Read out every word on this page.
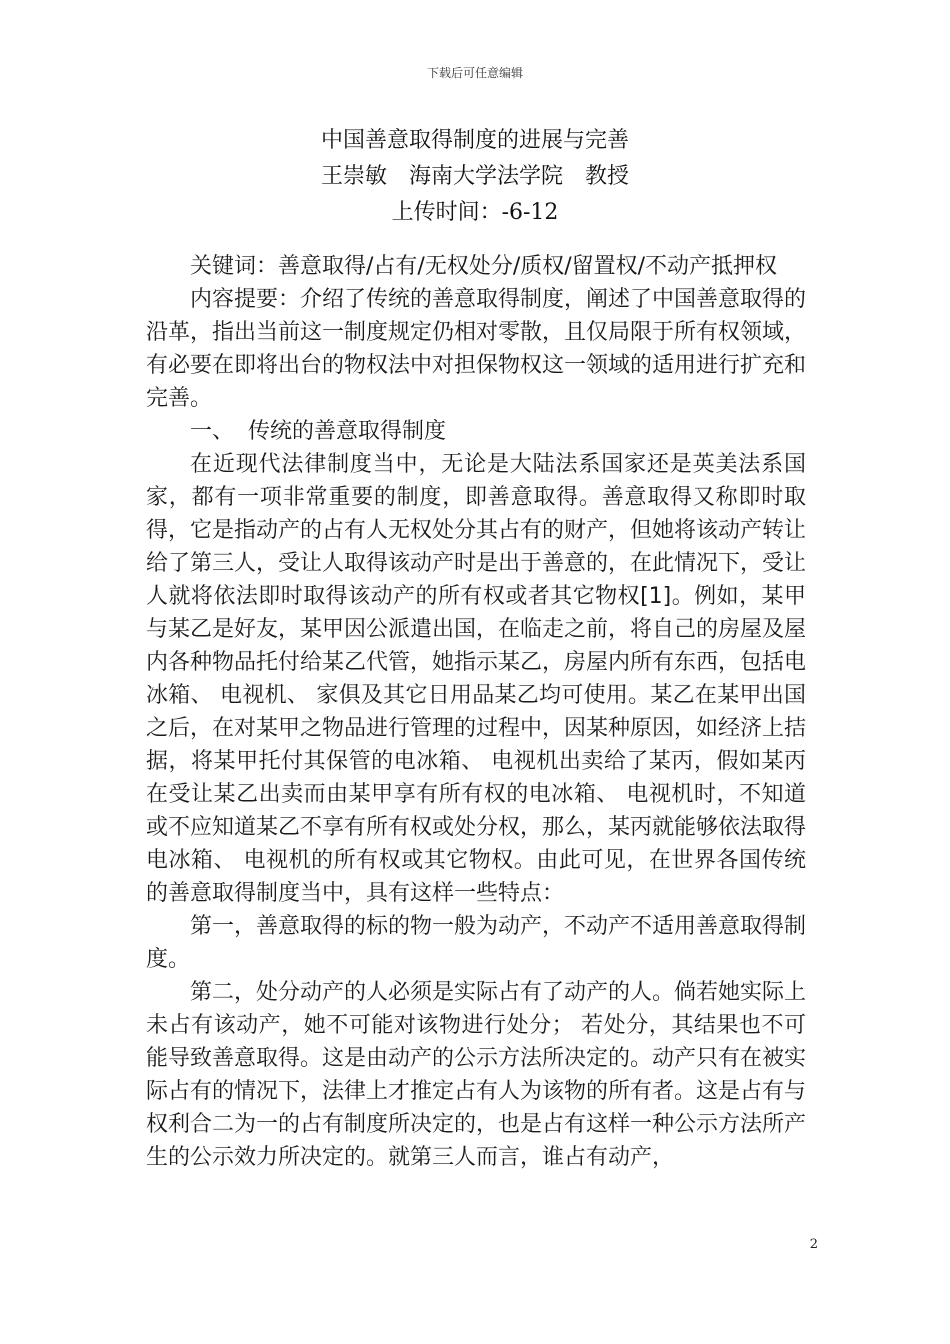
下载后可任意编辑
中国善意取得制度的进展与完善
王崇敏　海南大学法学院　教授
上传时间：-6-12

关键词：善意取得/占有/无权处分/质权/留置权/不动产抵押权

内容提要：介绍了传统的善意取得制度，阐述了中国善意取得的沿革，指出当前这一制度规定仍相对零散，且仅局限于所有权领域，有必要在即将出台的物权法中对担保物权这一领域的适用进行扩充和完善。

一、  传统的善意取得制度

在近现代法律制度当中，无论是大陆法系国家还是英美法系国家，都有一项非常重要的制度，即善意取得。善意取得又称即时取得，它是指动产的占有人无权处分其占有的财产，但她将该动产转让给了第三人，受让人取得该动产时是出于善意的，在此情况下，受让人就将依法即时取得该动产的所有权或者其它物权[1]。例如，某甲与某乙是好友，某甲因公派遣出国，在临走之前，将自己的房屋及屋内各种物品托付给某乙代管，她指示某乙，房屋内所有东西，包括电冰箱、 电视机、 家俱及其它日用品某乙均可使用。某乙在某甲出国之后，在对某甲之物品进行管理的过程中，因某种原因，如经济上拮据，将某甲托付其保管的电冰箱、 电视机出卖给了某丙，假如某丙在受让某乙出卖而由某甲享有所有权的电冰箱、 电视机时，不知道或不应知道某乙不享有所有权或处分权，那么，某丙就能够依法取得电冰箱、 电视机的所有权或其它物权。由此可见，在世界各国传统的善意取得制度当中，具有这样一些特点：

第一，善意取得的标的物一般为动产，不动产不适用善意取得制度。

第二，处分动产的人必须是实际占有了动产的人。倘若她实际上未占有该动产，她不可能对该物进行处分； 若处分，其结果也不可能导致善意取得。这是由动产的公示方法所决定的。动产只有在被实际占有的情况下，法律上才推定占有人为该物的所有者。这是占有与权利合二为一的占有制度所决定的，也是占有这样一种公示方法所产生的公示效力所决定的。就第三人而言，谁占有动产，

2
